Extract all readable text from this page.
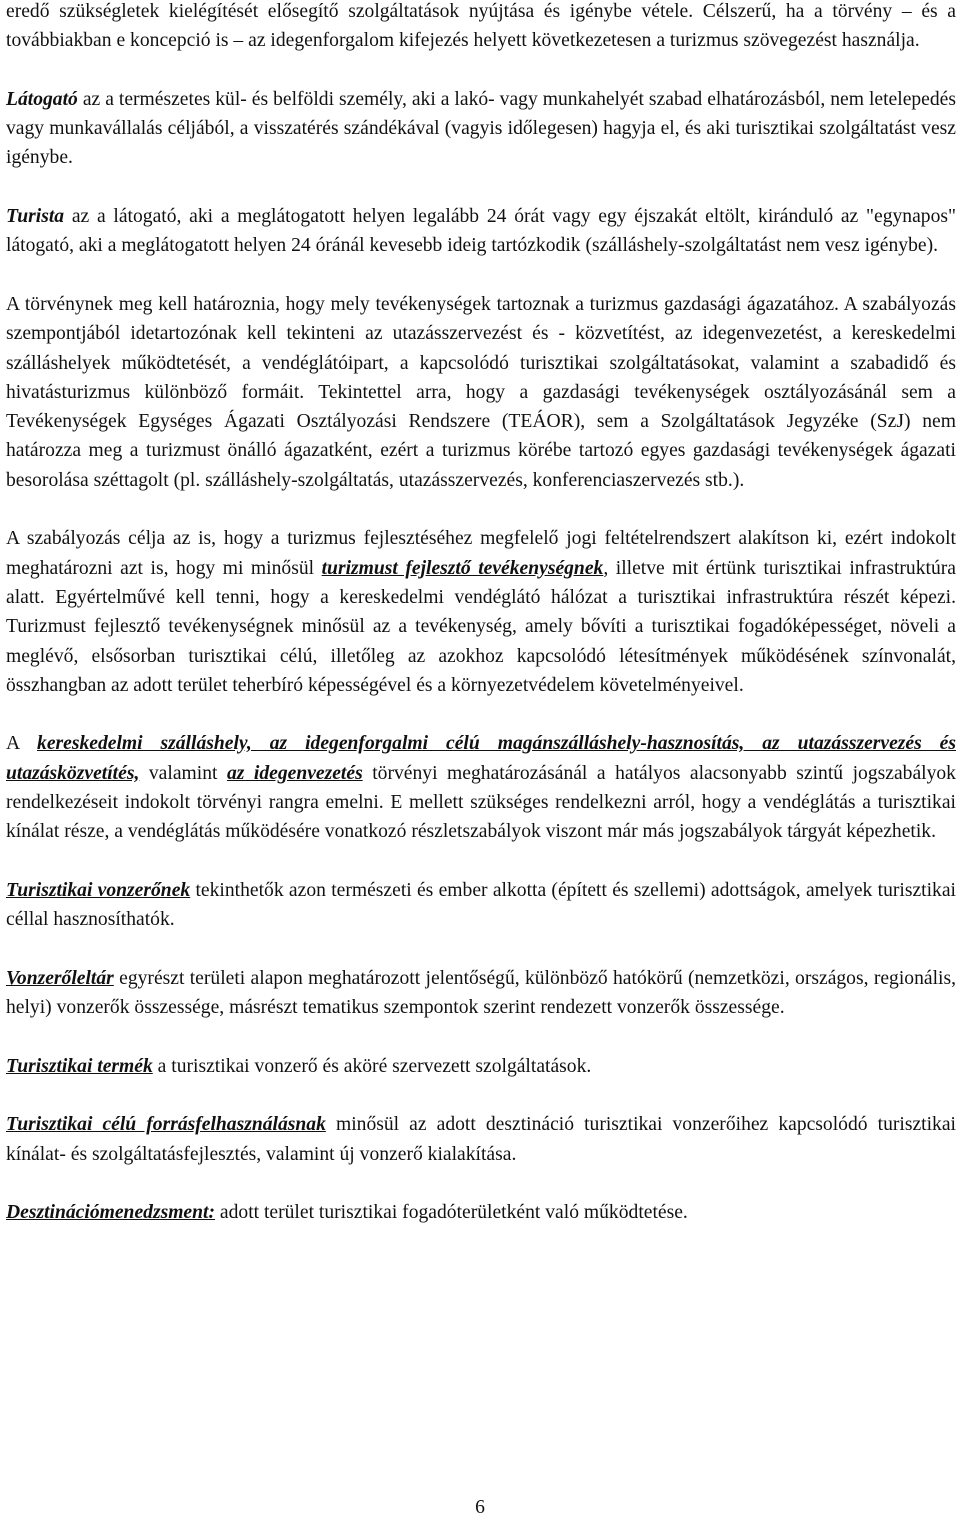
eredő szükségletek kielégítését elősegítő szolgáltatások nyújtása és igénybe vétele. Célszerű, ha a törvény – és a továbbiakban e koncepció is – az idegenforgalom kifejezés helyett következetesen a turizmus szövegezést használja.

Látogató az a természetes kül- és belföldi személy, aki a lakó- vagy munkahelyét szabad elhatározásból, nem letelepedés vagy munkavállalás céljából, a visszatérés szándékával (vagyis időlegesen) hagyja el, és aki turisztikai szolgáltatást vesz igénybe.

Turista az a látogató, aki a meglátogatott helyen legalább 24 órát vagy egy éjszakát eltölt, kiránduló az "egynapos" látogató, aki a meglátogatott helyen 24 óránál kevesebb ideig tartózkodik (szálláshely-szolgáltatást nem vesz igénybe).

A törvénynek meg kell határoznia, hogy mely tevékenységek tartoznak a turizmus gazdasági ágazatához. A szabályozás szempontjából idetartozónak kell tekinteni az utazásszervezést és - közvetítést, az idegenvezetést, a kereskedelmi szálláshelyek működtetését, a vendéglátóipart, a kapcsolódó turisztikai szolgáltatásokat, valamint a szabadidő és hivatásturizmus különböző formáit. Tekintettel arra, hogy a gazdasági tevékenységek osztályozásánál sem a Tevékenységek Egységes Ágazati Osztályozási Rendszere (TEÁOR), sem a Szolgáltatások Jegyzéke (SzJ) nem határozza meg a turizmust önálló ágazatként, ezért a turizmus körébe tartozó egyes gazdasági tevékenységek ágazati besorolása széttagolt (pl. szálláshely-szolgáltatás, utazásszervezés, konferenciaszervezés stb.).

A szabályozás célja az is, hogy a turizmus fejlesztéséhez megfelelő jogi feltételrendszert alakítson ki, ezért indokolt meghatározni azt is, hogy mi minősül turizmust fejlesztő tevékenységnek, illetve mit értünk turisztikai infrastruktúra alatt. Egyértelművé kell tenni, hogy a kereskedelmi vendéglátó hálózat a turisztikai infrastruktúra részét képezi. Turizmust fejlesztő tevékenységnek minősül az a tevékenység, amely bővíti a turisztikai fogadóképességet, növeli a meglévő, elsősorban turisztikai célú, illetőleg az azokhoz kapcsolódó létesítmények működésének színvonalát, összhangban az adott terület teherbíró képességével és a környezetvédelem követelményeivel.

A kereskedelmi szálláshely, az idegenforgalmi célú magánszálláshely-hasznosítás, az utazásszervezés és utazásközvetítés, valamint az idegenvezetés törvényi meghatározásánál a hatályos alacsonyabb szintű jogszabályok rendelkezéseit indokolt törvényi rangra emelni. E mellett szükséges rendelkezni arról, hogy a vendéglátás a turisztikai kínálat része, a vendéglátás működésére vonatkozó részletszabályok viszont már más jogszabályok tárgyát képezhetik.

Turisztikai vonzerőnek tekinthetők azon természeti és ember alkotta (épített és szellemi) adottságok, amelyek turisztikai céllal hasznosíthatók.

Vonzerőleltár egyrészt területi alapon meghatározott jelentőségű, különböző hatókörű (nemzetközi, országos, regionális, helyi) vonzerők összessége, másrészt tematikus szempontok szerint rendezett vonzerők összessége.

Turisztikai termék a turisztikai vonzerő és aköré szervezett szolgáltatások.

Turisztikai célú forrásfelhasználásnak minősül az adott desztináció turisztikai vonzerőihez kapcsolódó turisztikai kínálat- és szolgáltatásfejlesztés, valamint új vonzerő kialakítása.

Desztinációmenedzsment: adott terület turisztikai fogadóterületként való működtetése.

6
